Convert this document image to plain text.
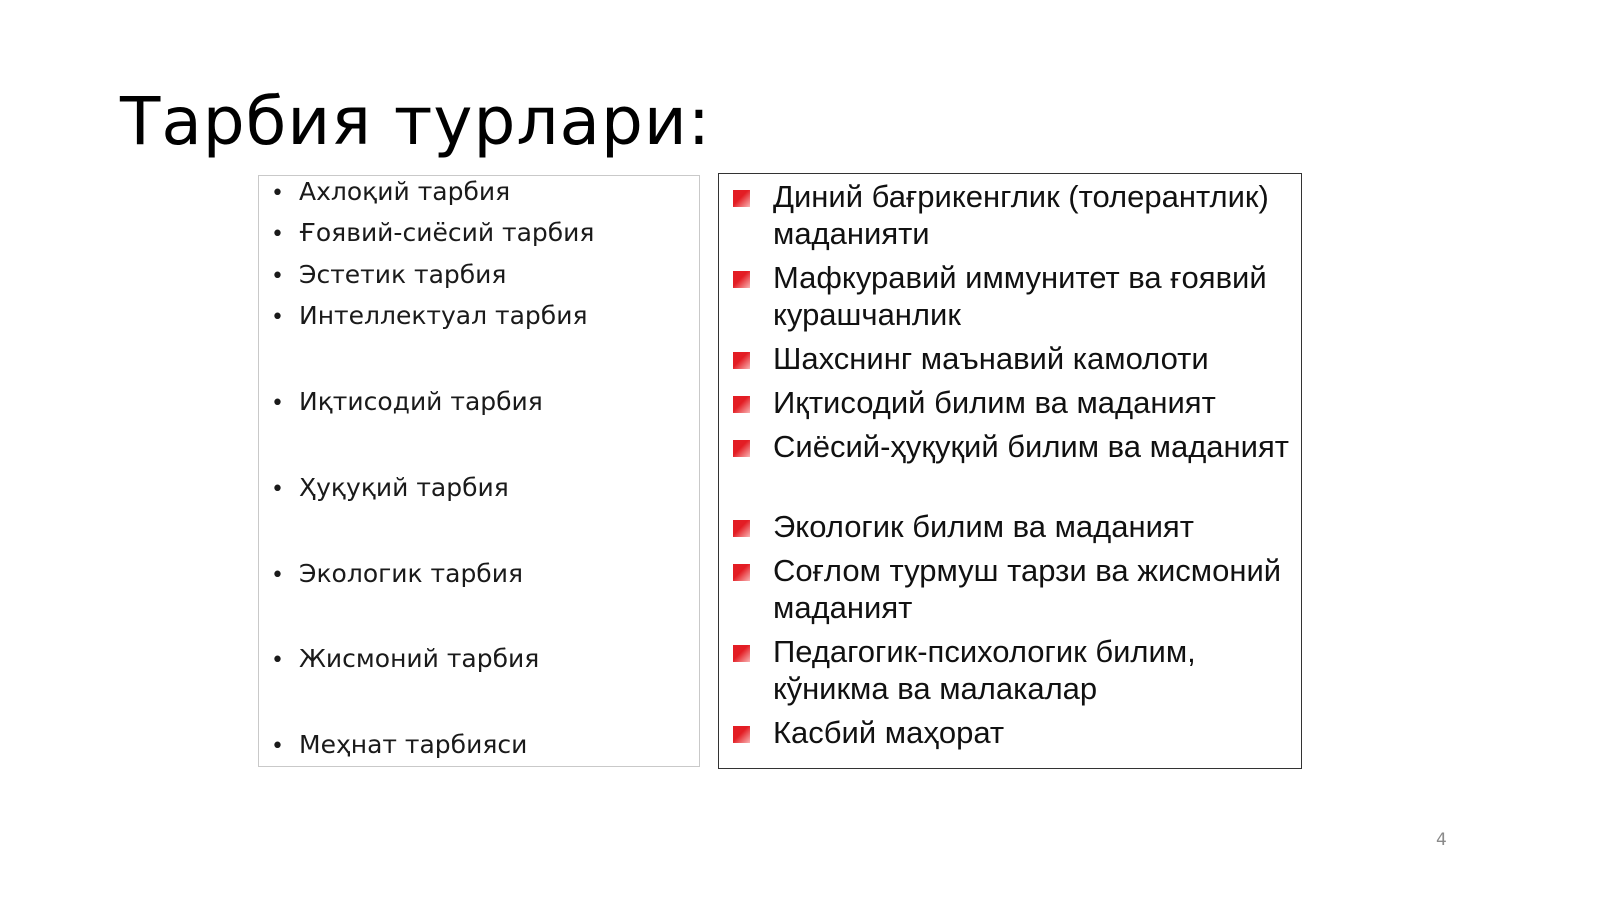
Тарбия турлари:
• Ахлоқий тарбия
• Ғоявий-сиёсий тарбия
• Эстетик тарбия
• Интеллектуал тарбия
• Иқтисодий тарбия
• Ҳуқуқий тарбия
• Экологик тарбия
• Жисмоний тарбия
• Меҳнат тарбияси
Диний бағрикенглик (толерантлик) маданияти
Мафкуравий иммунитет ва ғоявий курашчанлик
Шахснинг маънавий камолоти
Иқтисодий билим ва маданият
Сиёсий-ҳуқуқий билим ва маданият
Экологик билим ва маданият
Соғлом турмуш тарзи ва жисмоний маданият
Педагогик-психологик билим, кўникма ва малакалар
Касбий маҳорат
4
